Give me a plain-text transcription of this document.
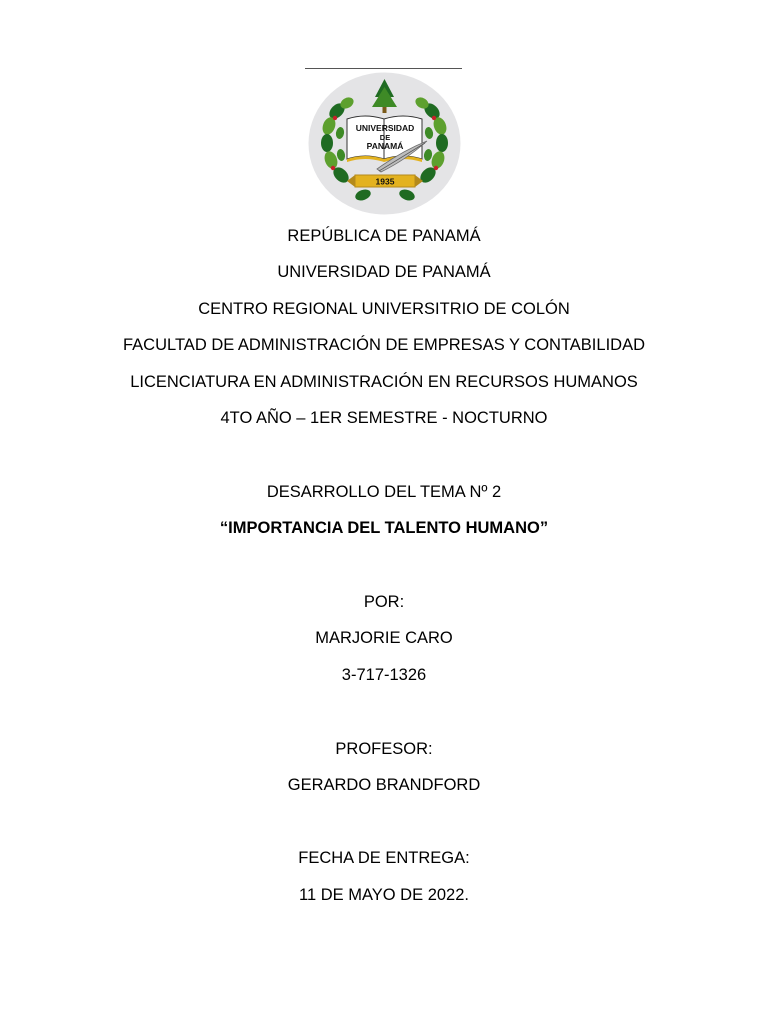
UNIVERSIDAD
DE
PANAMÁ
1935
REPÚBLICA DE PANAMÁ
UNIVERSIDAD DE PANAMÁ
CENTRO REGIONAL UNIVERSITRIO DE COLÓN
FACULTAD DE ADMINISTRACIÓN DE EMPRESAS Y CONTABILIDAD
LICENCIATURA EN ADMINISTRACIÓN EN RECURSOS HUMANOS
4TO AÑO – 1ER SEMESTRE - NOCTURNO
DESARROLLO DEL TEMA Nº 2
“IMPORTANCIA DEL TALENTO HUMANO”
POR:
MARJORIE CARO
3-717-1326
PROFESOR:
GERARDO BRANDFORD
FECHA DE ENTREGA:
11 DE MAYO DE 2022.
